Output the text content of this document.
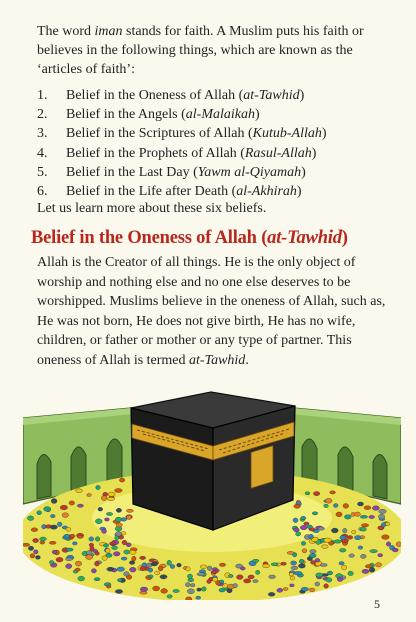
The word iman stands for faith. A Muslim puts his faith or believes in the following things, which are known as the ‘articles of faith’:

1.	Belief in the Oneness of Allah (at-Tawhid)
2.	Belief in the Angels (al-Malaikah)
3.	Belief in the Scriptures of Allah (Kutub-Allah)
4.	Belief in the Prophets of Allah (Rasul-Allah)
5.	Belief in the Last Day (Yawm al-Qiyamah)
6.	Belief in the Life after Death (al-Akhirah)

Let us learn more about these six beliefs.

Belief in the Oneness of Allah (at-Tawhid)

Allah is the Creator of all things. He is the only object of worship and nothing else and no one else deserves to be worshipped. Muslims believe in the oneness of Allah, such as, He was not born, He does not give birth, He has no wife, children, or father or mother or any type of partner. This oneness of Allah is termed at-Tawhid.

5
